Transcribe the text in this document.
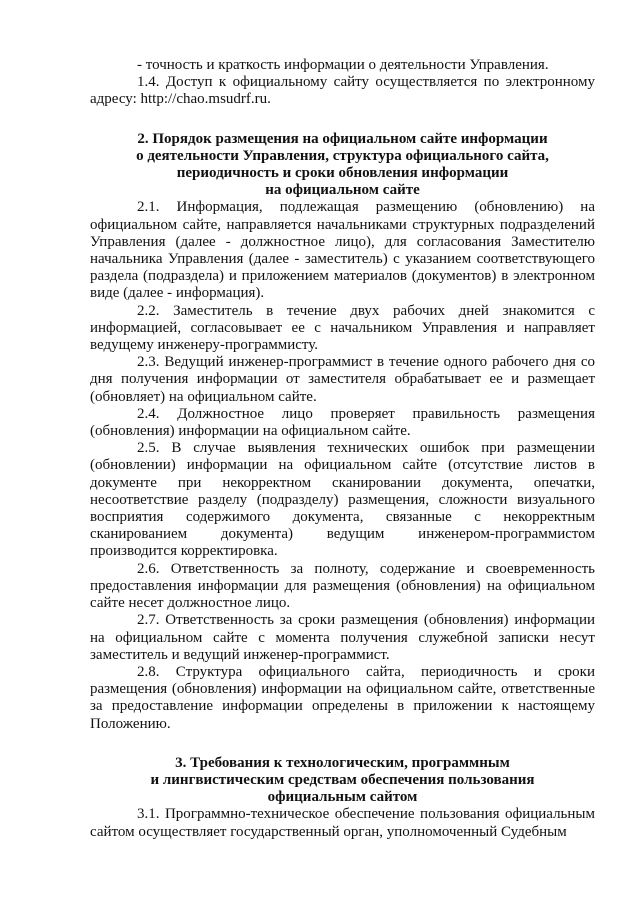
- точность и краткость информации о деятельности Управления.

1.4. Доступ к официальному сайту осуществляется по электронному адресу: http://chao.msudrf.ru.

2. Порядок размещения на официальном сайте информации
о деятельности Управления, структура официального сайта,
периодичность и сроки обновления информации
на официальном сайте

2.1. Информация, подлежащая размещению (обновлению) на официальном сайте, направляется начальниками структурных подразделений Управления (далее - должностное лицо), для согласования Заместителю начальника Управления (далее - заместитель) с указанием соответствующего раздела (подраздела) и приложением материалов (документов) в электронном виде (далее - информация).

2.2. Заместитель в течение двух рабочих дней знакомится с информацией, согласовывает ее с начальником Управления и направляет ведущему инженеру-программисту.

2.3. Ведущий инженер-программист в течение одного рабочего дня со дня получения информации от заместителя обрабатывает ее и размещает (обновляет) на официальном сайте.

2.4. Должностное лицо проверяет правильность размещения (обновления) информации на официальном сайте.

2.5. В случае выявления технических ошибок при размещении (обновлении) информации на официальном сайте (отсутствие листов в документе при некорректном сканировании документа, опечатки, несоответствие разделу (подразделу) размещения, сложности визуального восприятия содержимого документа, связанные с некорректным сканированием документа) ведущим инженером-программистом производится корректировка.

2.6. Ответственность за полноту, содержание и своевременность предоставления информации для размещения (обновления) на официальном сайте несет должностное лицо.

2.7. Ответственность за сроки размещения (обновления) информации на официальном сайте с момента получения служебной записки несут заместитель и ведущий инженер-программист.

2.8. Структура официального сайта, периодичность и сроки размещения (обновления) информации на официальном сайте, ответственные за предоставление информации определены в приложении к настоящему Положению.

3. Требования к технологическим, программным
и лингвистическим средствам обеспечения пользования
официальным сайтом

3.1. Программно-техническое обеспечение пользования официальным сайтом осуществляет государственный орган, уполномоченный Судебным
